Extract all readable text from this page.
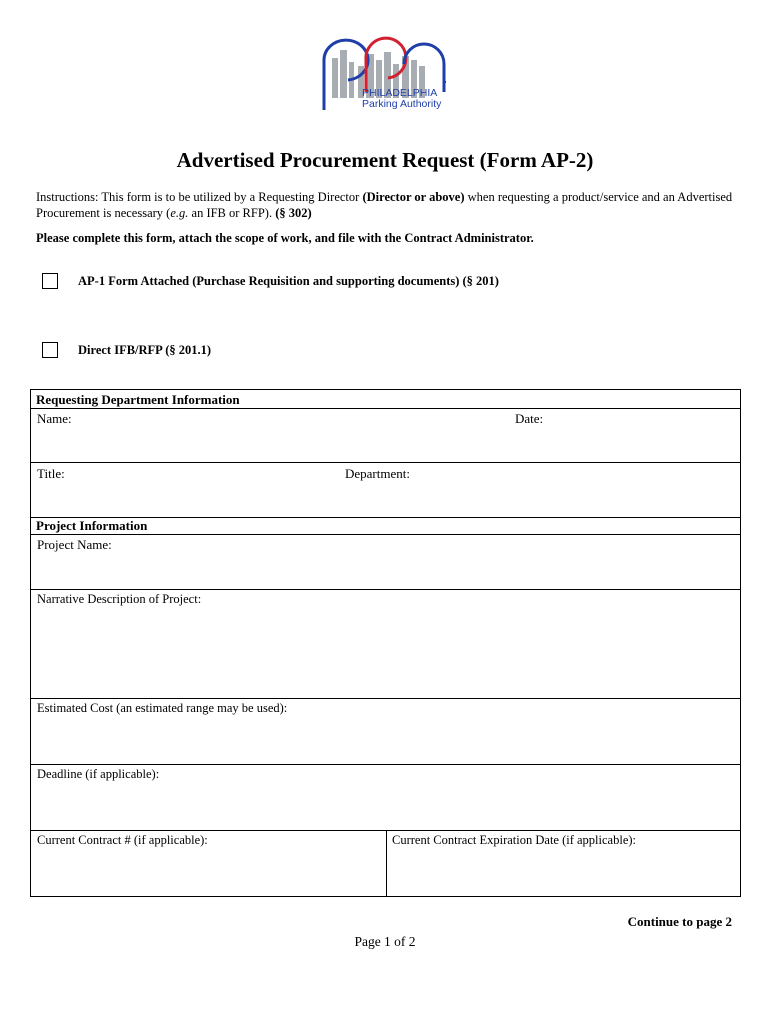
PHILADELPHIA
Parking Authority
Advertised Procurement Request (Form AP-2)
Instructions: This form is to be utilized by a Requesting Director (Director or above) when requesting a product/service and an Advertised Procurement is necessary (e.g. an IFB or RFP). (§ 302)
Please complete this form, attach the scope of work, and file with the Contract Administrator.
AP-1 Form Attached (Purchase Requisition and supporting documents) (§ 201)
Direct IFB/RFP (§ 201.1)
Requesting Department Information
Name:	Date:
Title:	Department:
Project Information
Project Name:
Narrative Description of Project:
Estimated Cost (an estimated range may be used):
Deadline (if applicable):
Current Contract # (if applicable):	Current Contract Expiration Date (if applicable):
Continue to page 2
Page 1 of 2
